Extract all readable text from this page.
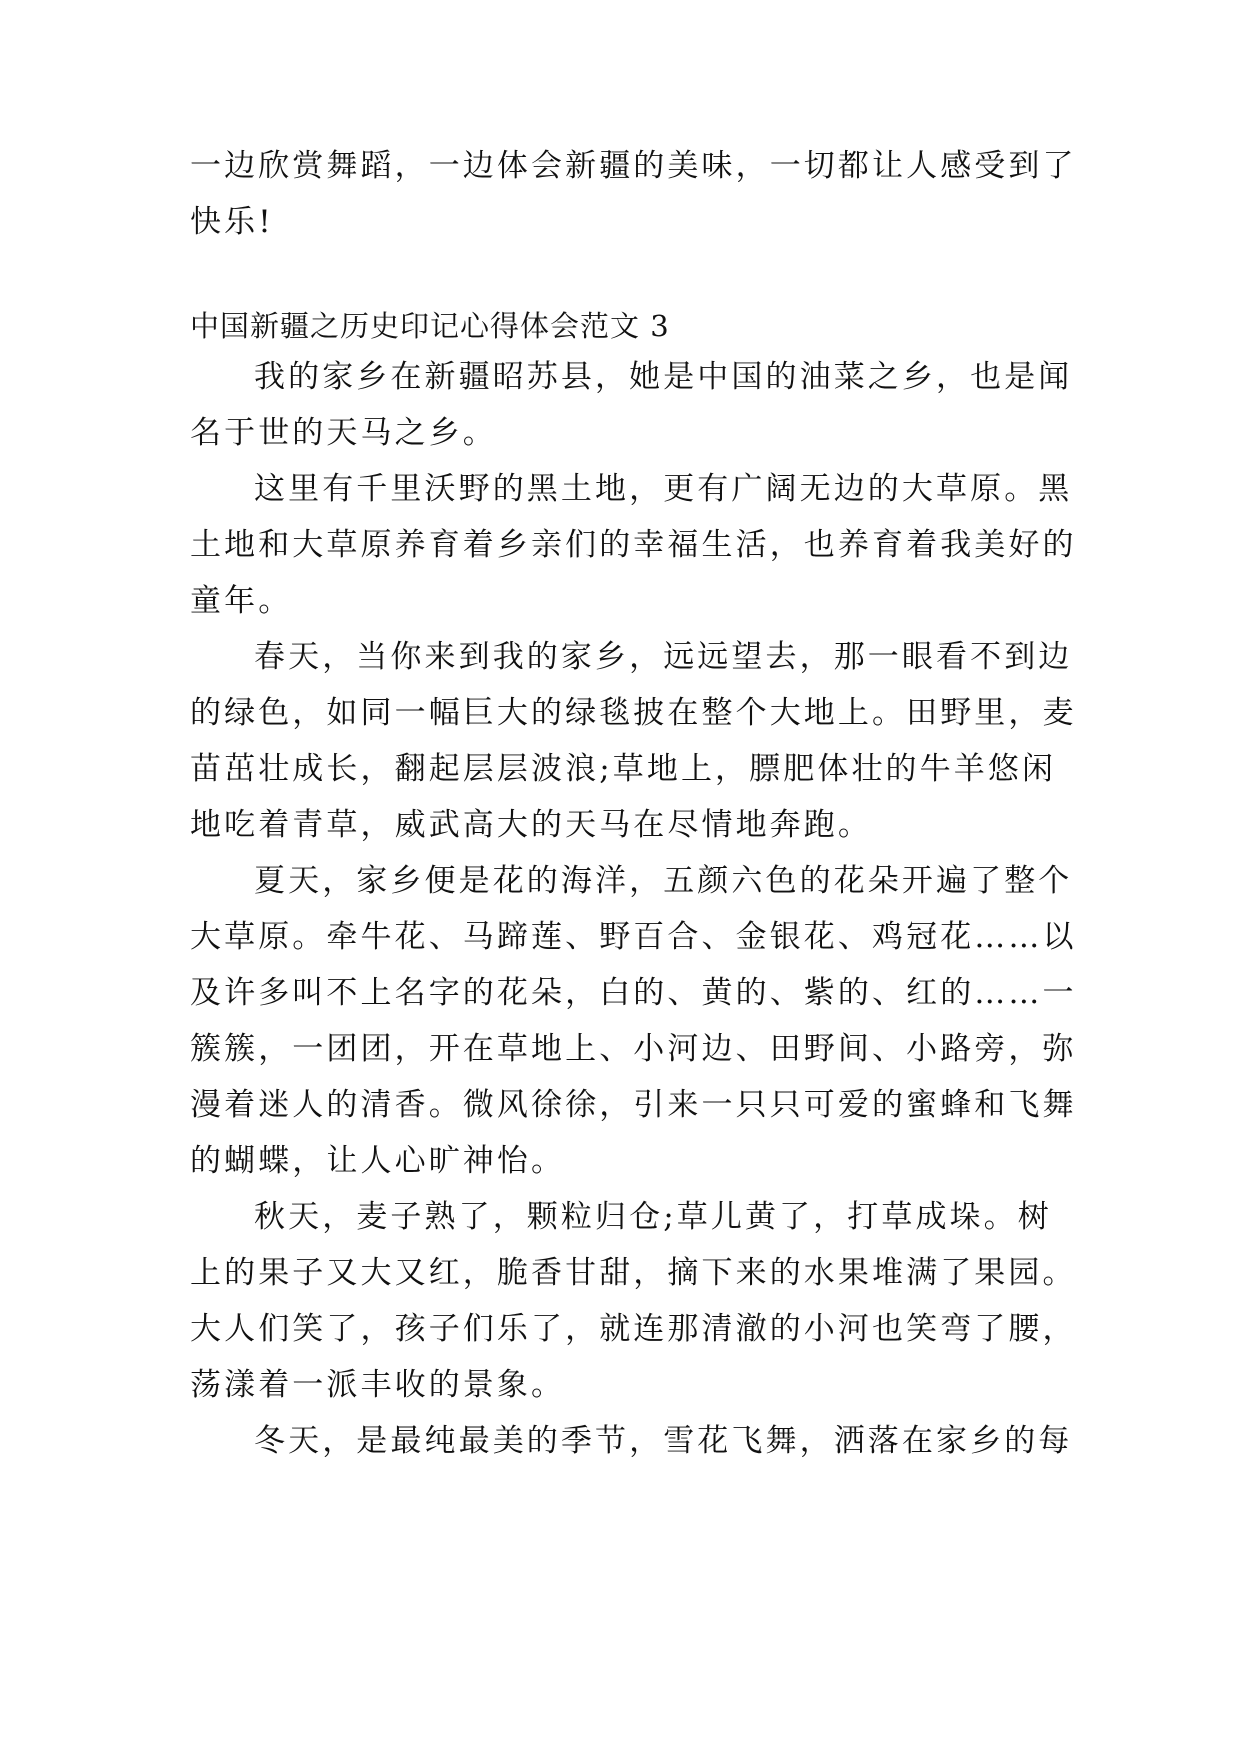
一边欣赏舞蹈，一边体会新疆的美味，一切都让人感受到了

快乐!

中国新疆之历史印记心得体会范文 3

我的家乡在新疆昭苏县，她是中国的油菜之乡，也是闻

名于世的天马之乡。

这里有千里沃野的黑土地，更有广阔无边的大草原。黑

土地和大草原养育着乡亲们的幸福生活，也养育着我美好的

童年。

春天，当你来到我的家乡，远远望去，那一眼看不到边

的绿色，如同一幅巨大的绿毯披在整个大地上。田野里，麦

苗茁壮成长，翻起层层波浪;草地上，膘肥体壮的牛羊悠闲

地吃着青草，威武高大的天马在尽情地奔跑。

夏天，家乡便是花的海洋，五颜六色的花朵开遍了整个

大草原。牵牛花、马蹄莲、野百合、金银花、鸡冠花……以

及许多叫不上名字的花朵，白的、黄的、紫的、红的……一

簇簇，一团团，开在草地上、小河边、田野间、小路旁，弥

漫着迷人的清香。微风徐徐，引来一只只可爱的蜜蜂和飞舞

的蝴蝶，让人心旷神怡。

秋天，麦子熟了，颗粒归仓;草儿黄了，打草成垛。树

上的果子又大又红，脆香甘甜，摘下来的水果堆满了果园。

大人们笑了，孩子们乐了，就连那清澈的小河也笑弯了腰，

荡漾着一派丰收的景象。

冬天，是最纯最美的季节，雪花飞舞，洒落在家乡的每
